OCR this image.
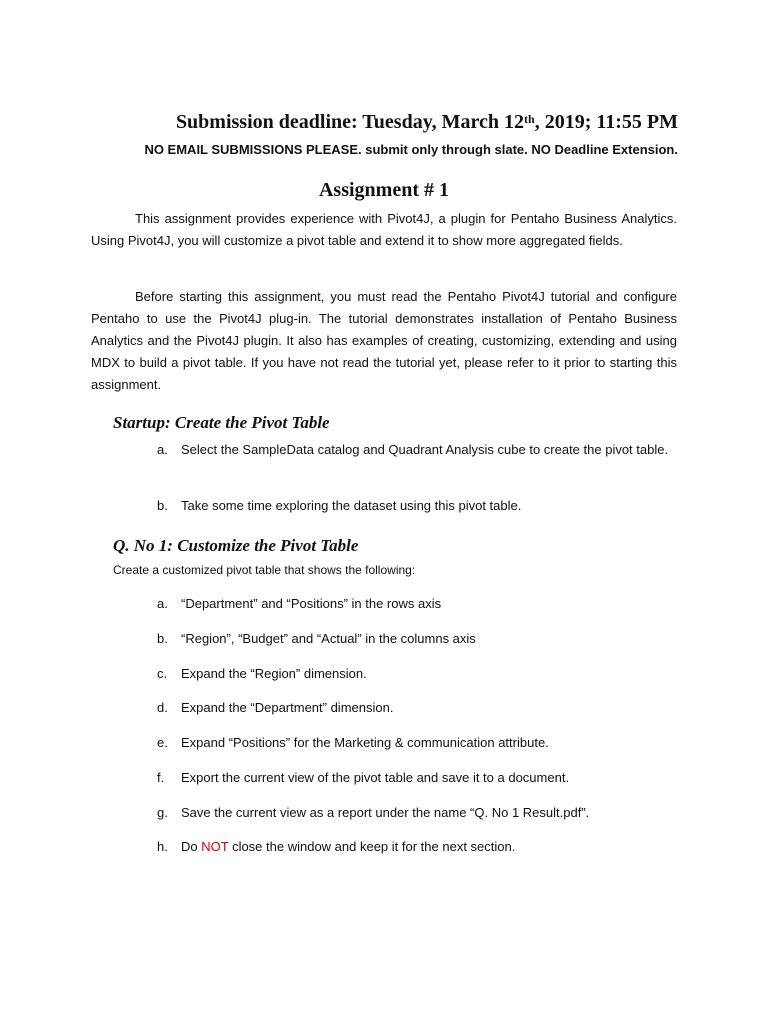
Submission deadline: Tuesday, March 12th, 2019; 11:55 PM
NO EMAIL SUBMISSIONS PLEASE. submit only through slate. NO Deadline Extension.
Assignment # 1

This assignment provides experience with Pivot4J, a plugin for Pentaho Business Analytics. Using Pivot4J, you will customize a pivot table and extend it to show more aggregated fields.

Before starting this assignment, you must read the Pentaho Pivot4J tutorial and configure Pentaho to use the Pivot4J plug-in. The tutorial demonstrates installation of Pentaho Business Analytics and the Pivot4J plugin. It also has examples of creating, customizing, extending and using MDX to build a pivot table. If you have not read the tutorial yet, please refer to it prior to starting this assignment.

Startup: Create the Pivot Table
a. Select the SampleData catalog and Quadrant Analysis cube to create the pivot table.
b. Take some time exploring the dataset using this pivot table.
Q. No 1: Customize the Pivot Table
Create a customized pivot table that shows the following:
a. “Department” and “Positions” in the rows axis
b. “Region”, “Budget” and “Actual” in the columns axis
c. Expand the “Region” dimension.
d. Expand the “Department” dimension.
e. Expand “Positions” for the Marketing & communication attribute.
f. Export the current view of the pivot table and save it to a document.
g. Save the current view as a report under the name “Q. No 1 Result.pdf”.
h. Do NOT close the window and keep it for the next section.
